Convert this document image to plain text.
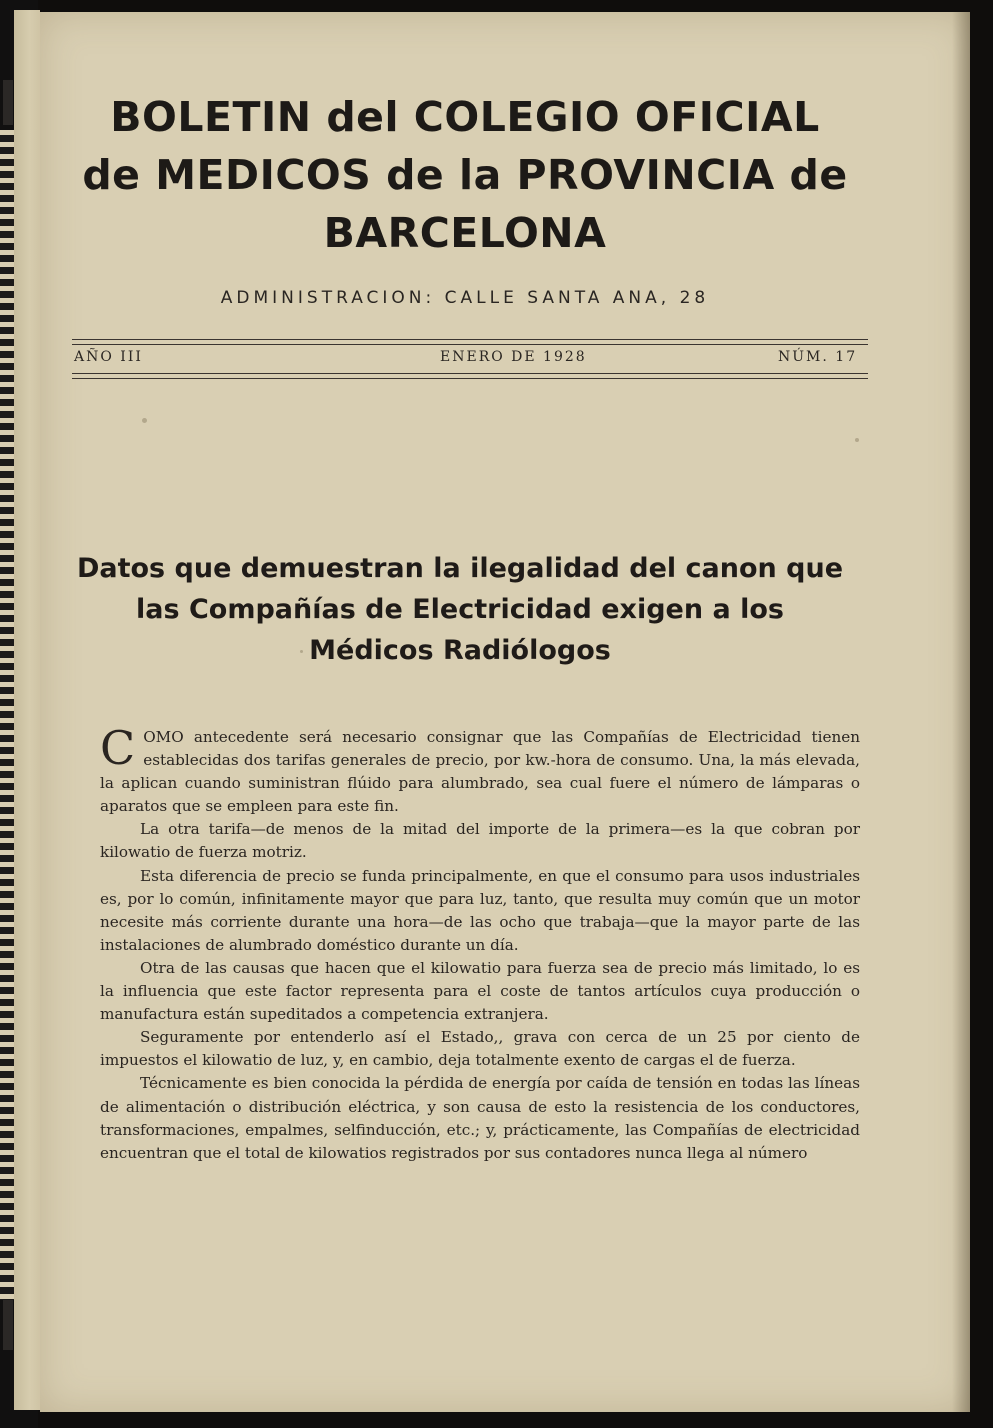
BOLETIN del COLEGIO OFICIAL
de MEDICOS de la PROVINCIA de
BARCELONA
ADMINISTRACION: CALLE SANTA ANA, 28
AÑO III	ENERO DE 1928	NÚM. 17
Datos que demuestran la ilegalidad del canon que
las Compañías de Electricidad exigen a los
Médicos Radiólogos

COMO antecedente será necesario consignar que las Compañías de Electricidad tienen establecidas dos tarifas generales de precio, por kw.-hora de consumo. Una, la más elevada, la aplican cuando suministran flúido para alumbrado, sea cual fuere el número de lámparas o aparatos que se empleen para este fin.

La otra tarifa—de menos de la mitad del importe de la primera—es la que cobran por kilowatio de fuerza motriz.

Esta diferencia de precio se funda principalmente, en que el consumo para usos industriales es, por lo común, infinitamente mayor que para luz, tanto, que resulta muy común que un motor necesite más corriente durante una hora—de las ocho que trabaja—que la mayor parte de las instalaciones de alumbrado doméstico durante un día.

Otra de las causas que hacen que el kilowatio para fuerza sea de precio más limitado, lo es la influencia que este factor representa para el coste de tantos artículos cuya producción o manufactura están supeditados a competencia extranjera.

Seguramente por entenderlo así el Estado,, grava con cerca de un 25 por ciento de impuestos el kilowatio de luz, y, en cambio, deja totalmente exento de cargas el de fuerza.

Técnicamente es bien conocida la pérdida de energía por caída de tensión en todas las líneas de alimentación o distribución eléctrica, y son causa de esto la resistencia de los conductores, transformaciones, empalmes, selfinducción, etc.; y, prácticamente, las Compañías de electricidad encuentran que el total de kilowatios registrados por sus contadores nunca llega al número
